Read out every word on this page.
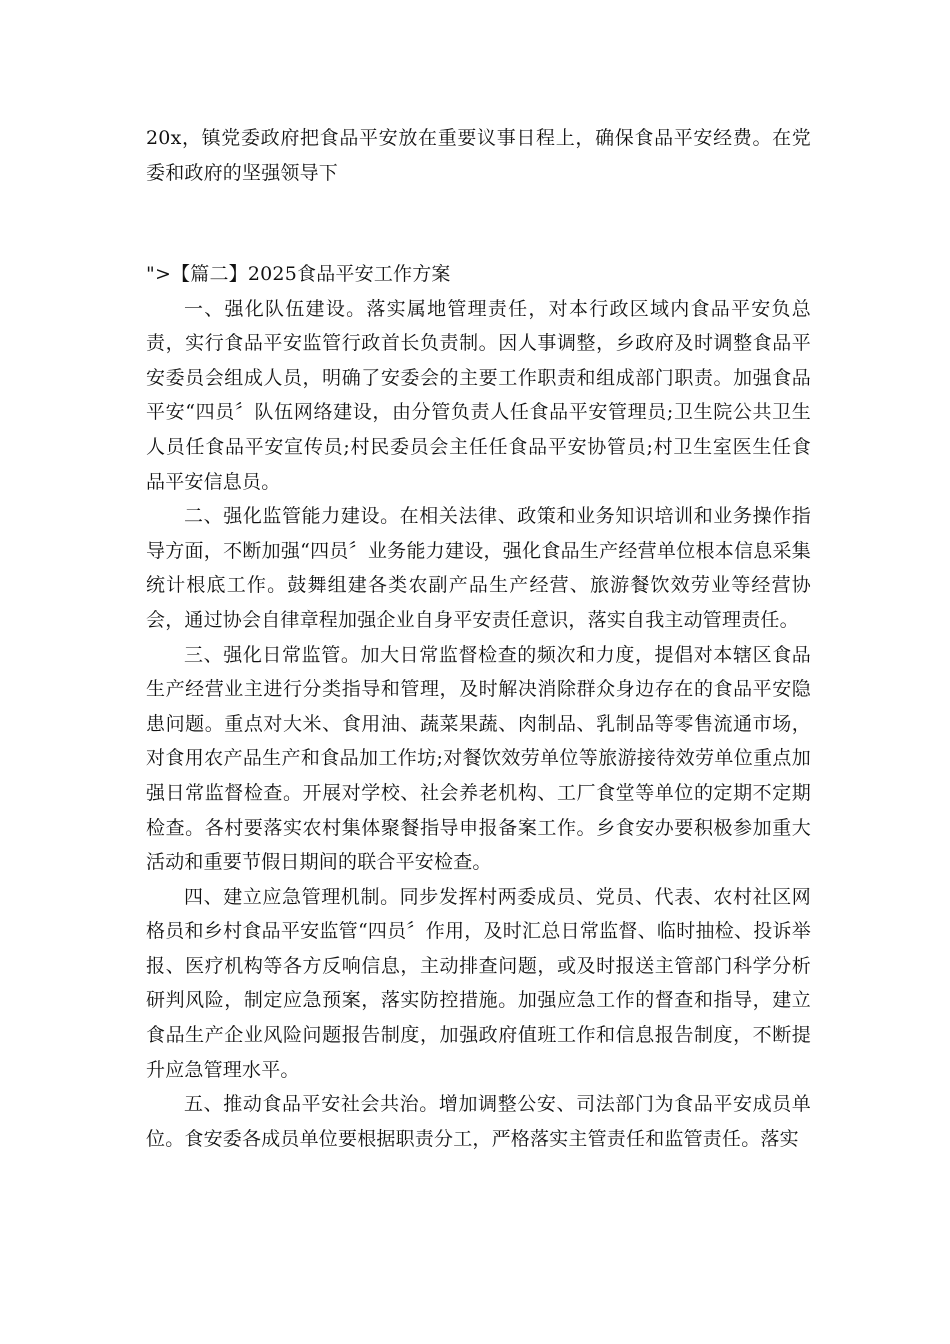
20x，镇党委政府把食品平安放在重要议事日程上，确保食品平安经费。在党委和政府的坚强领导下

">【篇二】2025食品平安工作方案

一、强化队伍建设。落实属地管理责任，对本行政区域内食品平安负总责，实行食品平安监管行政首长负责制。因人事调整，乡政府及时调整食品平安委员会组成人员，明确了安委会的主要工作职责和组成部门职责。加强食品平安“四员〞队伍网络建设，由分管负责人任食品平安管理员;卫生院公共卫生人员任食品平安宣传员;村民委员会主任任食品平安协管员;村卫生室医生任食品平安信息员。

二、强化监管能力建设。在相关法律、政策和业务知识培训和业务操作指导方面，不断加强“四员〞业务能力建设，强化食品生产经营单位根本信息采集统计根底工作。鼓舞组建各类农副产品生产经营、旅游餐饮效劳业等经营协会，通过协会自律章程加强企业自身平安责任意识，落实自我主动管理责任。

三、强化日常监管。加大日常监督检查的频次和力度，提倡对本辖区食品生产经营业主进行分类指导和管理，及时解决消除群众身边存在的食品平安隐患问题。重点对大米、食用油、蔬菜果蔬、肉制品、乳制品等零售流通市场，对食用农产品生产和食品加工作坊;对餐饮效劳单位等旅游接待效劳单位重点加强日常监督检查。开展对学校、社会养老机构、工厂食堂等单位的定期不定期检查。各村要落实农村集体聚餐指导申报备案工作。乡食安办要积极参加重大活动和重要节假日期间的联合平安检查。

四、建立应急管理机制。同步发挥村两委成员、党员、代表、农村社区网格员和乡村食品平安监管“四员〞作用，及时汇总日常监督、临时抽检、投诉举报、医疗机构等各方反响信息，主动排查问题，或及时报送主管部门科学分析研判风险，制定应急预案，落实防控措施。加强应急工作的督查和指导，建立食品生产企业风险问题报告制度，加强政府值班工作和信息报告制度，不断提升应急管理水平。

五、推动食品平安社会共治。增加调整公安、司法部门为食品平安成员单位。食安委各成员单位要根据职责分工，严格落实主管责任和监管责任。落实
